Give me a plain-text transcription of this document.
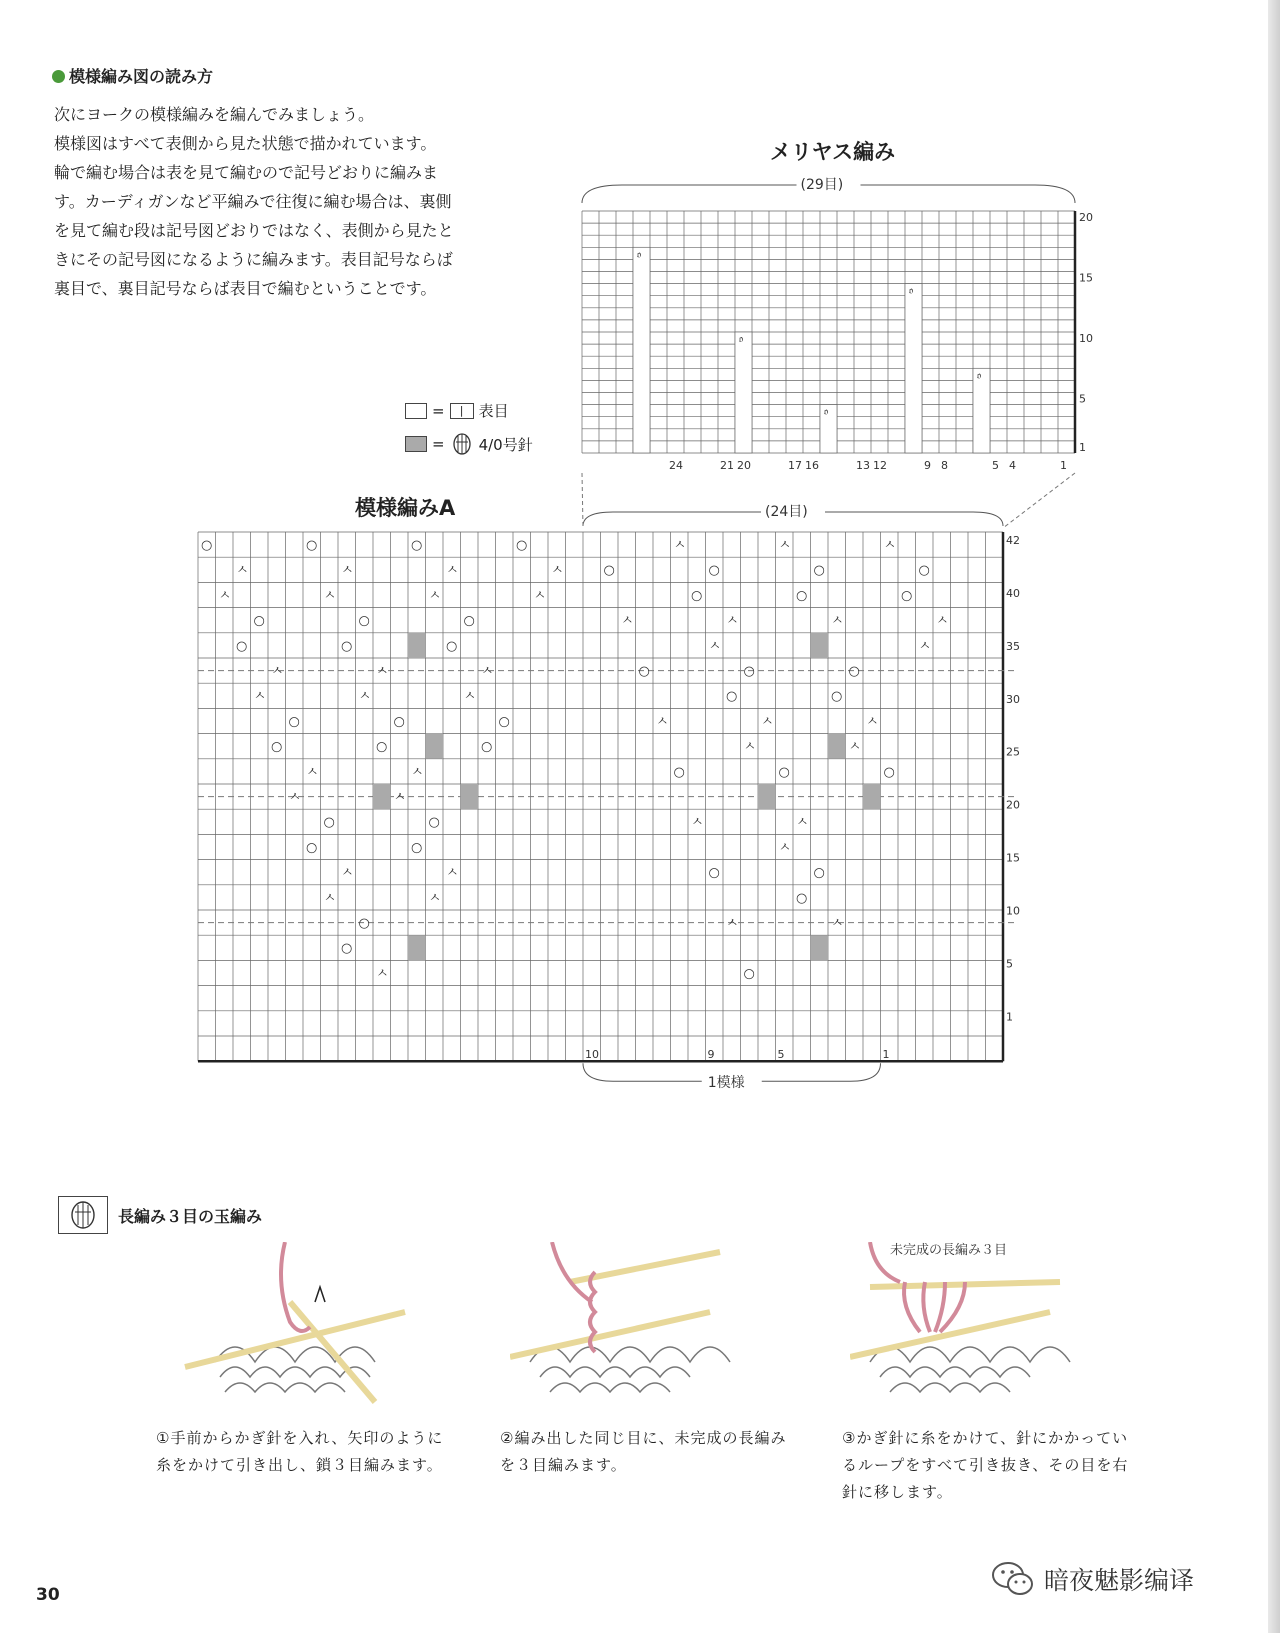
模様編み図の読み方

次にヨークの模様編みを編んでみましょう。

模様図はすべて表側から見た状態で描かれています。

輪で編む場合は表を見て編むので記号どおりに編みま

す。カーディガンなど平編みで往復に編む場合は、裏側

を見て編む段は記号図どおりではなく、表側から見たと

きにその記号図になるように編みます。表目記号ならば

裏目で、裏目記号ならば表目で編むということです。

20
15
10
5
1
24	21 20	17 16	13 12	9 8	5 4	1
(29目)
𝔬
𝔬
𝔬
𝔬
𝔬
42
40
35
30
25
20
15
10
5
1
10	9	5	1
○	○	○	○	ㅅ	ㅅ	ㅅ
ㅅ	ㅅ	ㅅ	ㅅ	○	○	○	○
ㅅ	ㅅ	ㅅ	ㅅ	○	○	○
○	○	○	ㅅ	ㅅ	ㅅ	ㅅ
○	○	○	ㅅ	ㅅ
ㅅ	ㅅ	ㅅ	○	○	○
ㅅ	ㅅ	ㅅ	○	○
○	○	○	ㅅ	ㅅ	ㅅ
○	○	○	ㅅ	ㅅ
ㅅ	ㅅ	○	○	○
ㅅ	ㅅ
○	○	ㅅ	ㅅ
○	○	ㅅ
ㅅ	ㅅ	○	○
ㅅ	ㅅ	○
○	ㅅ	ㅅ
○
ㅅ	○
(24目)
1模様
メリヤス編み
模様編みA
=	|	表目
= 4/0号針
長編み３目の玉編み
未完成の長編み３目
①手前からかぎ針を入れ、矢印のように糸をかけて引き出し、鎖３目編みます。
②編み出した同じ目に、未完成の長編みを３目編みます。
③かぎ針に糸をかけて、針にかかっているループをすべて引き抜き、その目を右針に移します。
30	暗夜魅影编译
